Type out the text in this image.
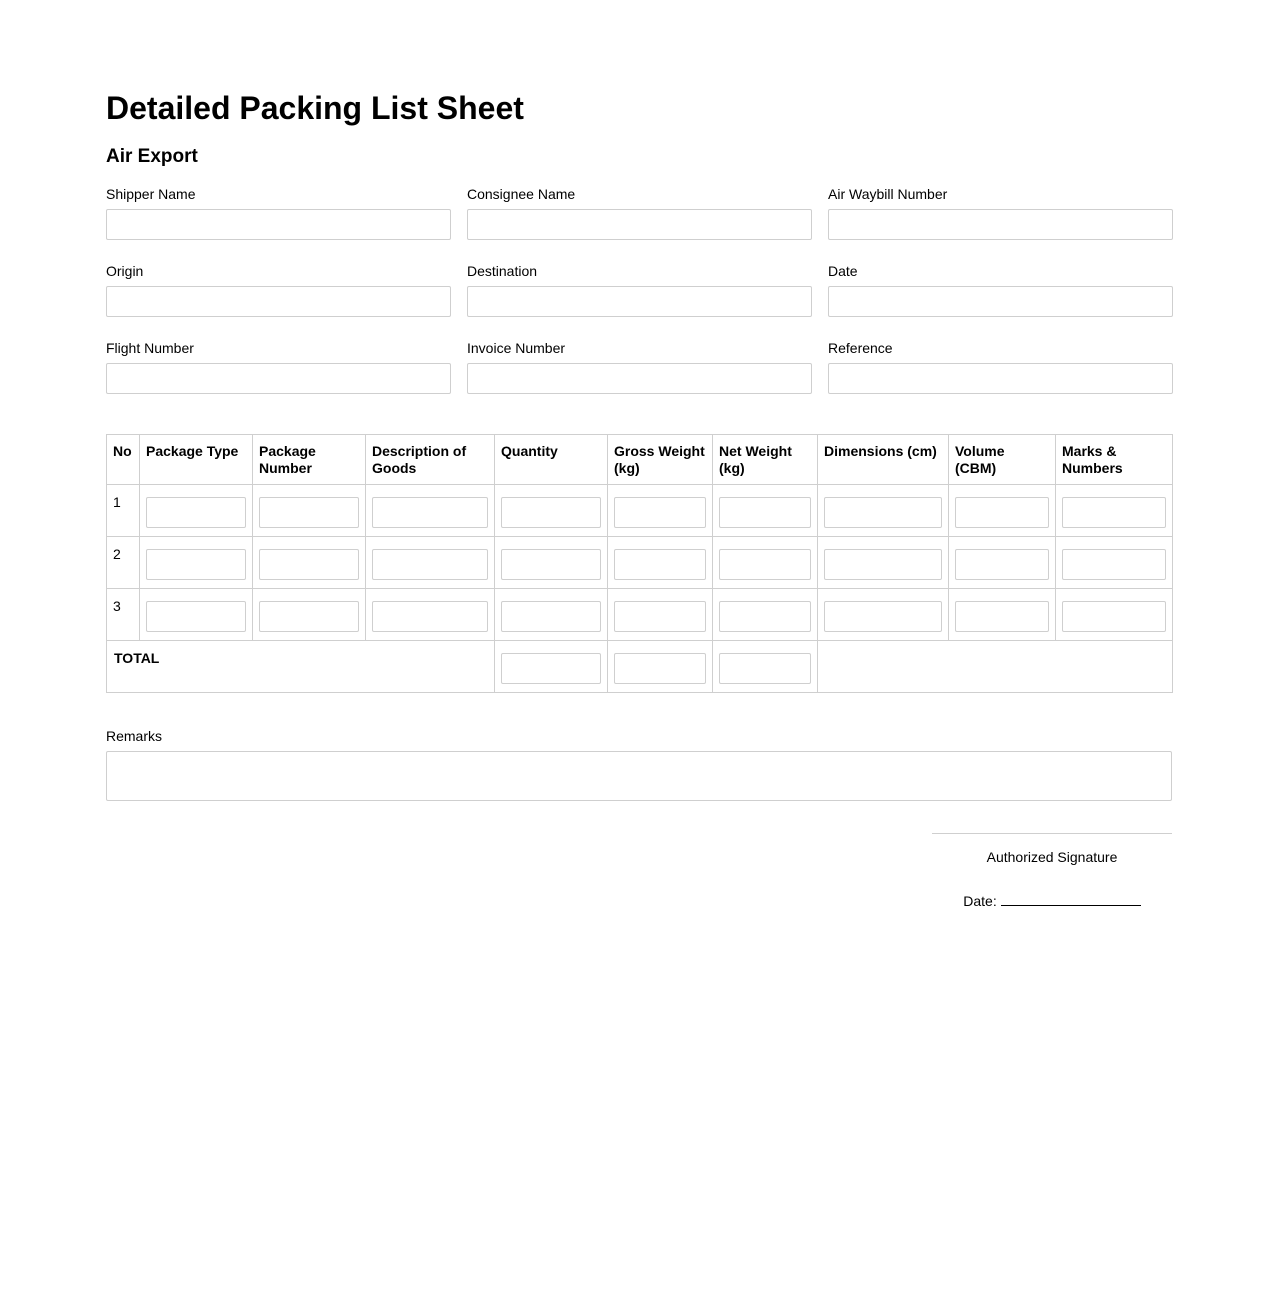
Detailed Packing List Sheet
Air Export
Shipper Name	Consignee Name	Air Waybill Number
Origin	Destination	Date
Flight Number	Invoice Number	Reference
No	Package Type	Package Number	Description of Goods	Quantity	Gross Weight (kg)	Net Weight (kg)	Dimensions (cm)	Volume (CBM)	Marks & Numbers
1	

2	

3	

TOTAL	

Remarks
Authorized Signature
Date:
